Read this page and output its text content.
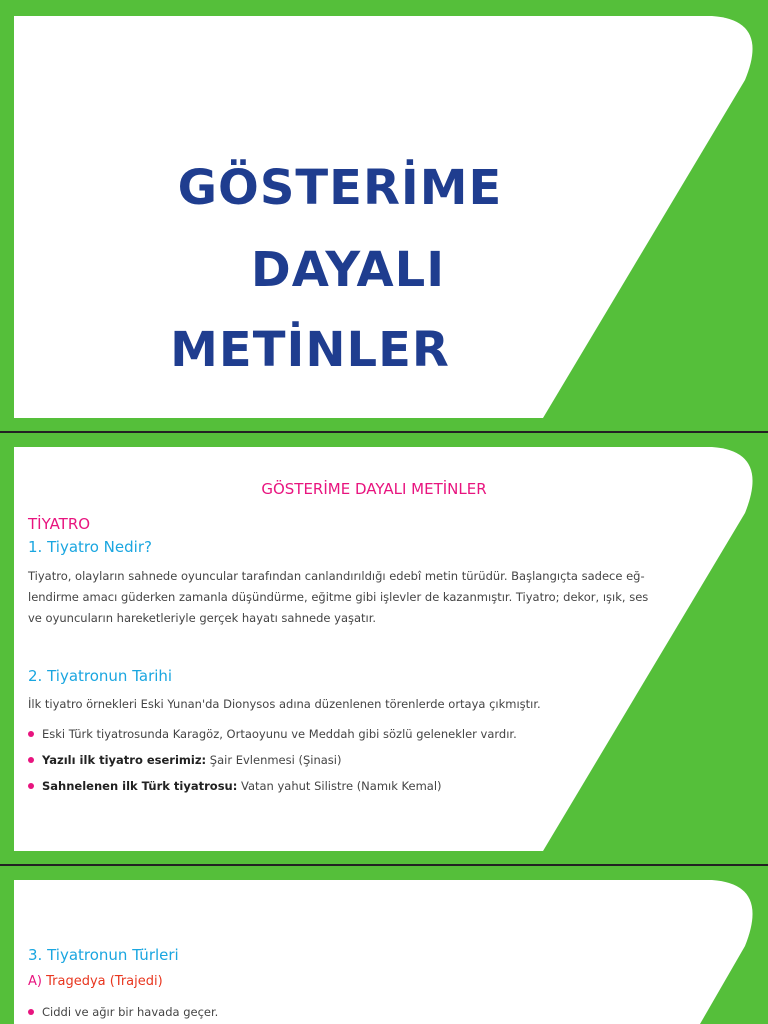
GÖSTERİME
DAYALI
METİNLER
GÖSTERİME DAYALI METİNLER
TİYATRO
1. Tiyatro Nedir?
Tiyatro, olayların sahnede oyuncular tarafından canlandırıldığı edebî metin türüdür. Başlangıçta sadece eğ-
lendirme amacı güderken zamanla düşündürme, eğitme gibi işlevler de kazanmıştır. Tiyatro; dekor, ışık, ses
ve oyuncuların hareketleriyle gerçek hayatı sahnede yaşatır.
2. Tiyatronun Tarihi
İlk tiyatro örnekleri Eski Yunan'da Dionysos adına düzenlenen törenlerde ortaya çıkmıştır.
Eski Türk tiyatrosunda Karagöz, Ortaoyunu ve Meddah gibi sözlü gelenekler vardır.
Yazılı ilk tiyatro eserimiz: Şair Evlenmesi (Şinasi)
Sahnelenen ilk Türk tiyatrosu: Vatan yahut Silistre (Namık Kemal)
3. Tiyatronun Türleri
A) Tragedya (Trajedi)
Ciddi ve ağır bir havada geçer.
